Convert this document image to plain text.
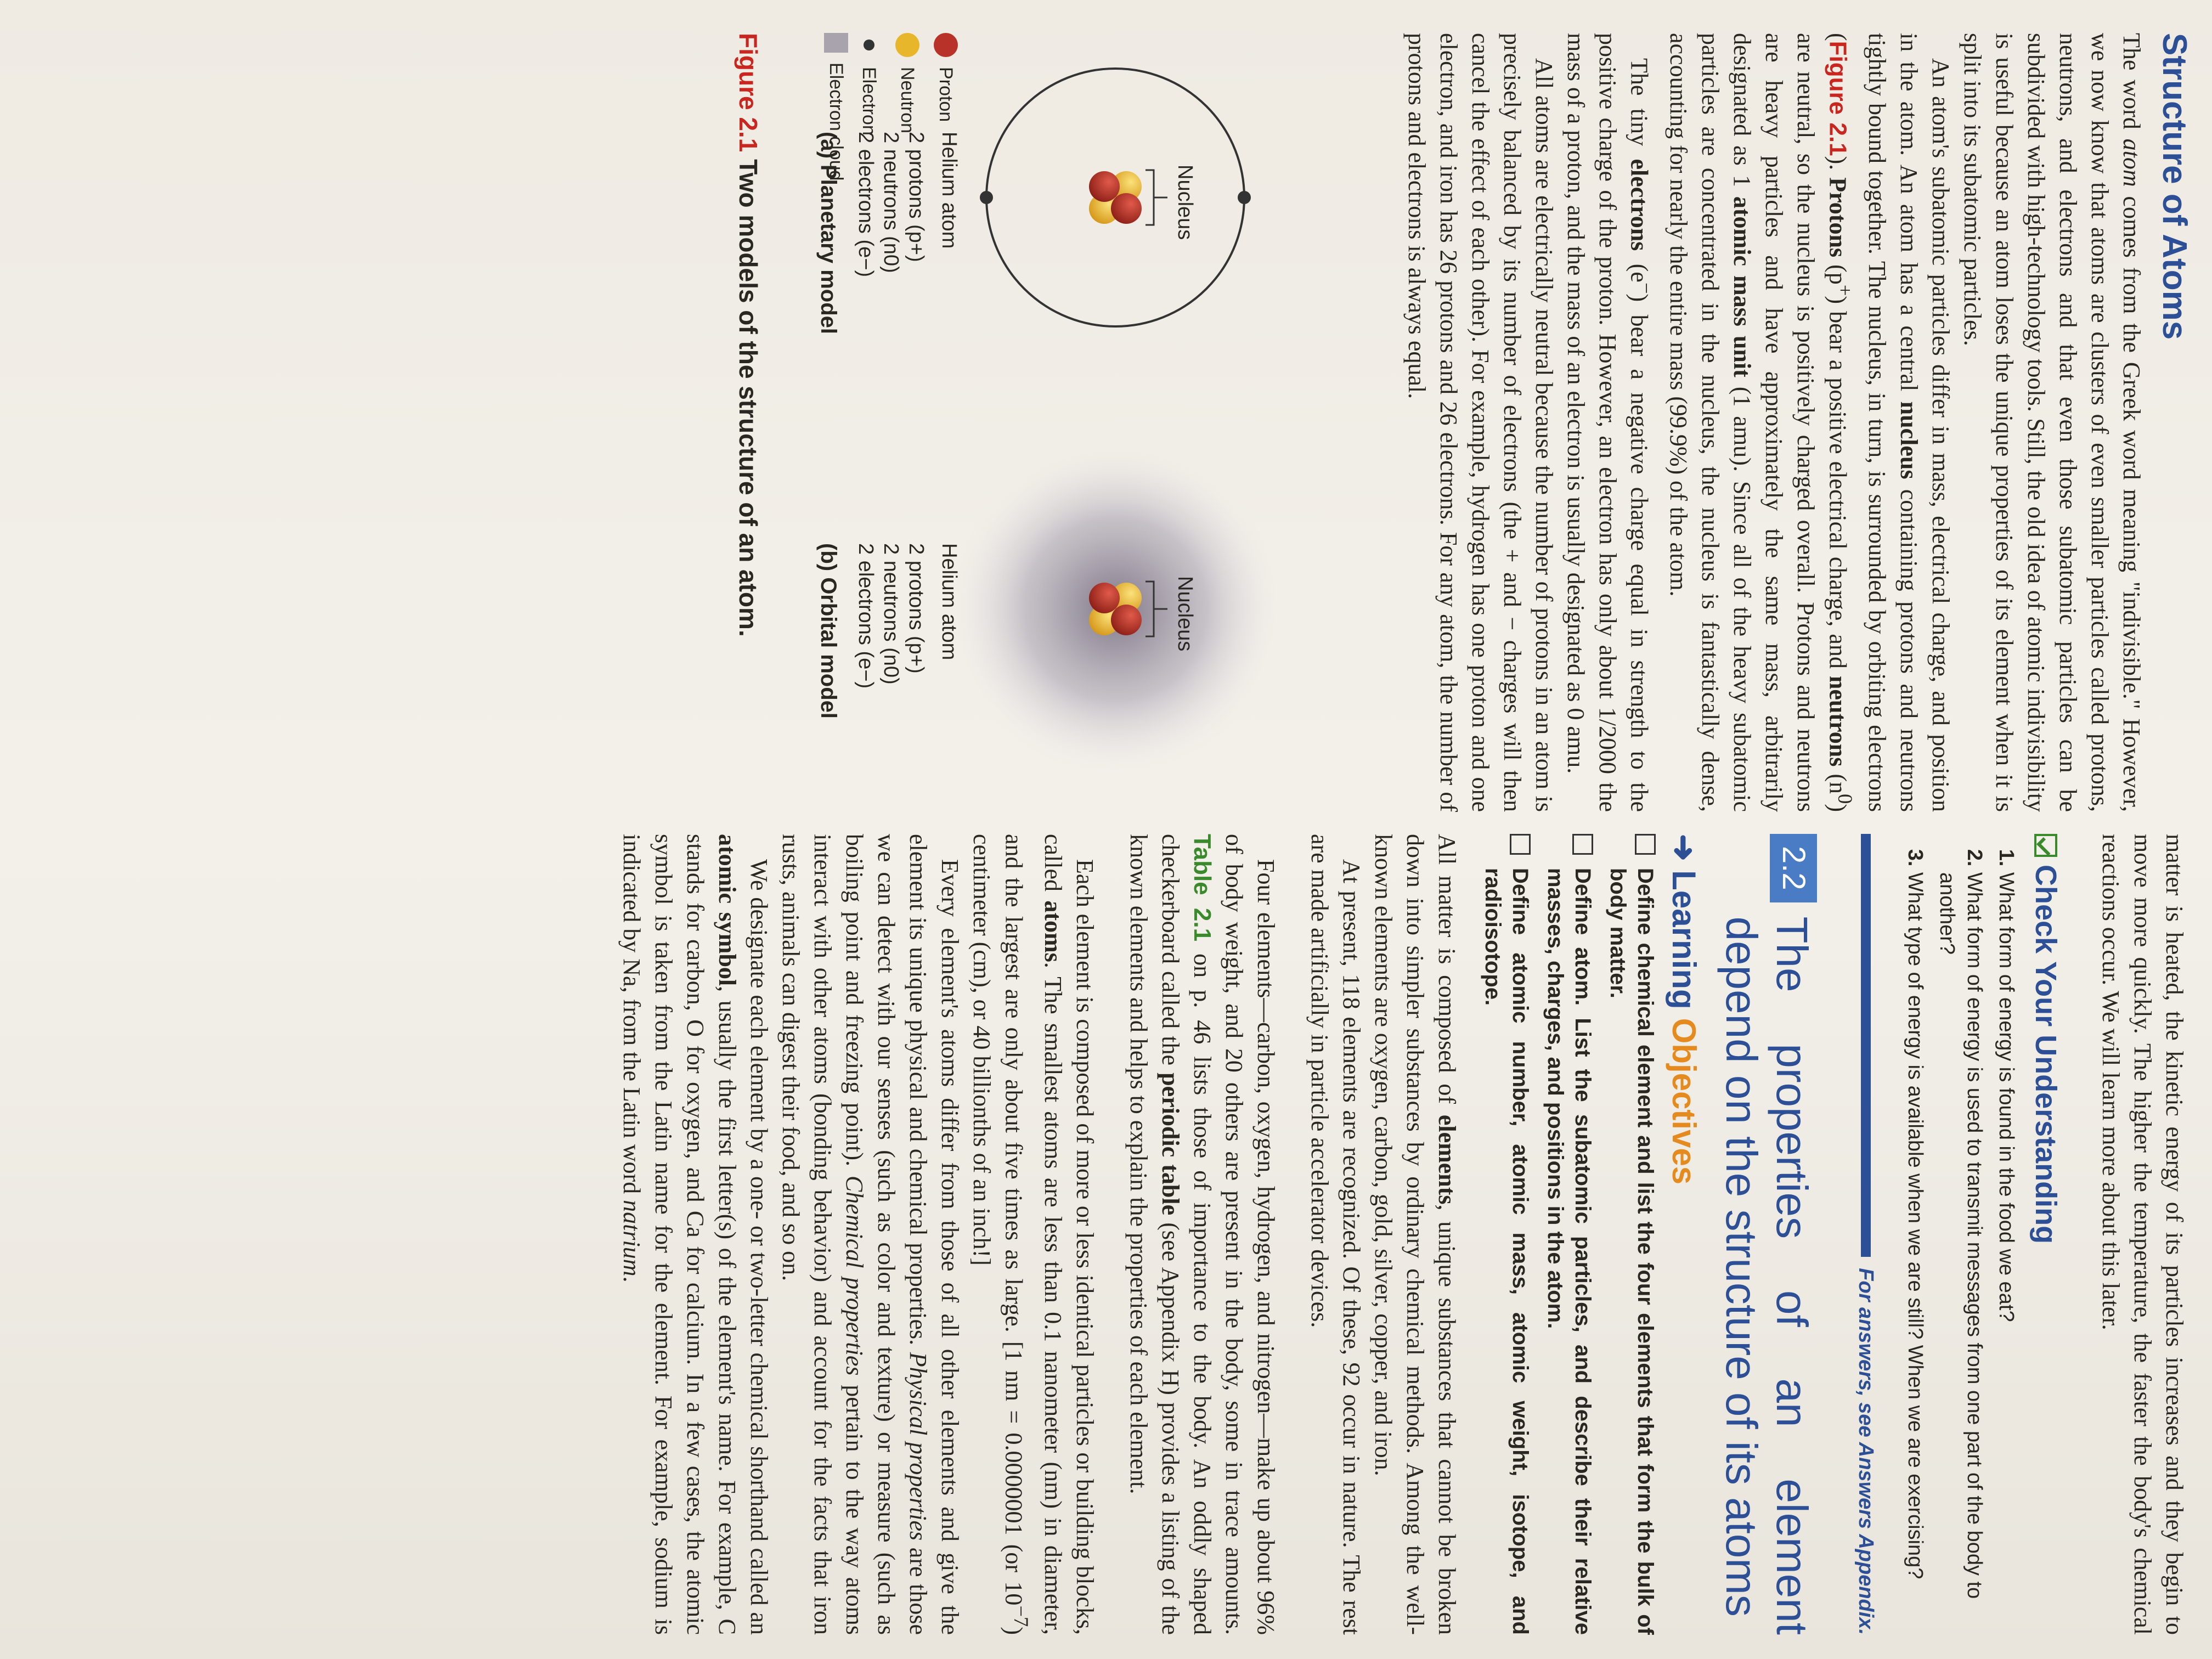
matter is heated, the kinetic energy of its particles increases and they begin to move more quickly. The higher the temperature, the faster the body's chemical reactions occur. We will learn more about this later.

Check Your Understanding
1. What form of energy is found in the food we eat?
2. What form of energy is used to transmit messages from one part of the body to another?
3. What type of energy is available when we are still? When we are exercising?
For answers, see Answers Appendix.
2.2
The properties of an element depend on the structure of its atoms
➜
Learning
Objectives
Define chemical element and list the four elements that form the bulk of body matter.
Define atom. List the subatomic particles, and describe their relative masses, charges, and positions in the atom.
Define atomic number, atomic mass, atomic weight, isotope, and radioisotope.

All matter is composed of elements, unique substances that cannot be broken down into simpler substances by ordinary chemical methods. Among the well-known elements are oxygen, carbon, gold, silver, copper, and iron.

At present, 118 elements are recognized. Of these, 92 occur in nature. The rest are made artificially in particle accelerator devices.

Four elements—carbon, oxygen, hydrogen, and nitrogen—make up about 96% of body weight, and 20 others are present in the body, some in trace amounts. Table 2.1 on p. 46 lists those of importance to the body. An oddly shaped checkerboard called the periodic table (see Appendix H) provides a listing of the known elements and helps to explain the properties of each element.

Each element is composed of more or less identical particles or building blocks, called atoms. The smallest atoms are less than 0.1 nanometer (nm) in diameter, and the largest are only about five times as large. [1 nm = 0.0000001 (or $10^{-7}$) centimeter (cm), or 40 billionths of an inch!]

Every element's atoms differ from those of all other elements and give the element its unique physical and chemical properties. Physical properties are those we can detect with our senses (such as color and texture) or measure (such as boiling point and freezing point). Chemical properties pertain to the way atoms interact with other atoms (bonding behavior) and account for the facts that iron rusts, animals can digest their food, and so on.

We designate each element by a one- or two-letter chemical shorthand called an atomic symbol, usually the first letter(s) of the element's name. For example, C stands for carbon, O for oxygen, and Ca for calcium. In a few cases, the atomic symbol is taken from the Latin name for the element. For example, sodium is indicated by Na, from the Latin word natrium.

Structure of Atoms

The word atom comes from the Greek word meaning "indivisible." However, we now know that atoms are clusters of even smaller particles called protons, neutrons, and electrons and that even those subatomic particles can be subdivided with high-technology tools. Still, the old idea of atomic indivisibility is useful because an atom loses the unique properties of its element when it is split into its subatomic particles.

An atom's subatomic particles differ in mass, electrical charge, and position in the atom. An atom has a central nucleus containing protons and neutrons tightly bound together. The nucleus, in turn, is surrounded by orbiting electrons (Figure 2.1). Protons (p+) bear a positive electrical charge, and neutrons $(n^0)$ are neutral, so the nucleus is positively charged overall. Protons and neutrons are heavy particles and have approximately the same mass, arbitrarily designated as 1 atomic mass unit (1 amu). Since all of the heavy subatomic particles are concentrated in the nucleus, the nucleus is fantastically dense, accounting for nearly the entire mass (99.9%) of the atom.

The tiny electrons (e−) bear a negative charge equal in strength to the positive charge of the proton. However, an electron has only about 1/2000 the mass of a proton, and the mass of an electron is usually designated as 0 amu.

All atoms are electrically neutral because the number of protons in an atom is precisely balanced by its number of electrons (the + and − charges will then cancel the effect of each other). For example, hydrogen has one proton and one electron, and iron has 26 protons and 26 electrons. For any atom, the number of protons and electrons is always equal.

Nucleus
Nucleus
Helium atom
2 protons (p+)
2 neutrons (n0)
2 electrons (e−)
Helium atom
2 protons (p+)
2 neutrons (n0)
2 electrons (e−)
(a) Planetary model
(b) Orbital model
Proton
Neutron
Electron
Electron cloud
Figure 2.1 Two models of the structure of an atom.
